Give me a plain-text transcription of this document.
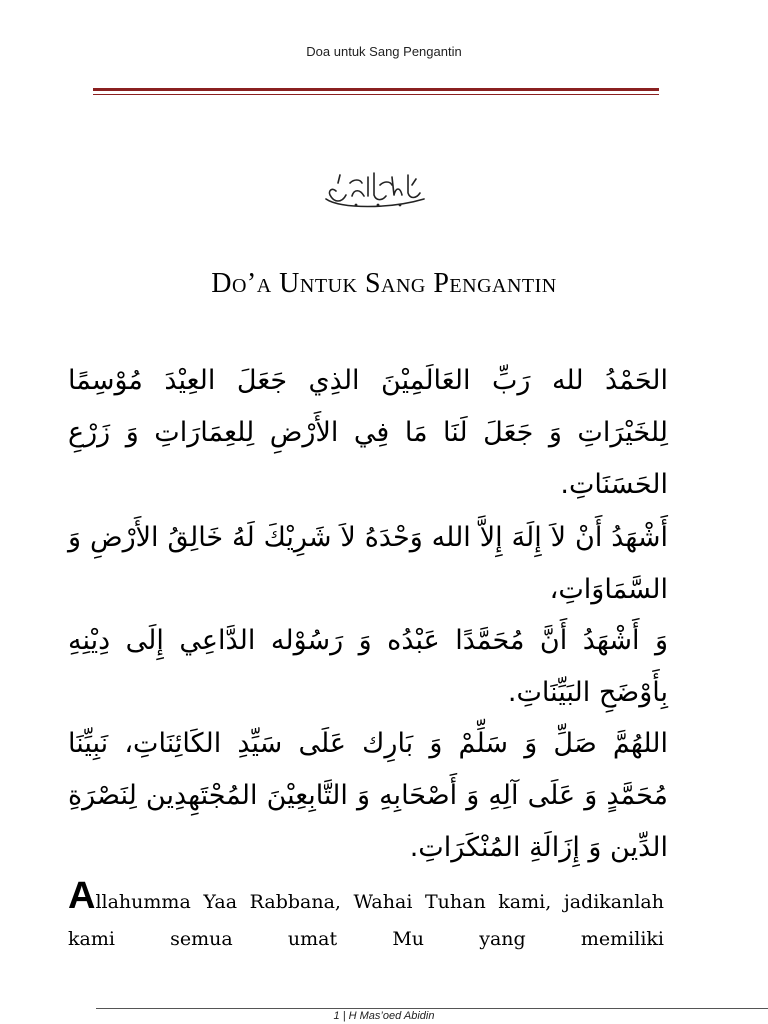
Doa untuk Sang Pengantin
Do’a Untuk Sang Pengantin
الحَمْدُ لله رَبِّ العَالَمِيْنَ الذِي جَعَلَ العِيْدَ مُوْسِمًا لِلخَيْرَاتِ وَ جَعَلَ لَنَا مَا فِي الأَرْضِ لِلعِمَارَاتِ وَ زَرْعِ الحَسَنَاتِ.
أَشْهَدُ أَنْ لاَ إِلَهَ إِلاَّ الله وَحْدَهُ لاَ شَرِيْكَ لَهُ خَالِقُ الأَرْضِ وَ السَّمَاوَاتِ،
وَ أَشْهَدُ أَنَّ مُحَمَّدًا عَبْدُه وَ رَسُوْله الدَّاعِي إِلَى دِيْنِهِ بِأَوْضَحِ البَيِّنَاتِ.
اللهُمَّ صَلِّ وَ سَلِّمْ وَ بَارِك عَلَى سَيِّدِ الكَائِنَاتِ، نَبِيِّنَا مُحَمَّدٍ وَ عَلَى آلِهِ وَ أَصْحَابِهِ وَ التَّابِعِيْنَ المُجْتَهِدِين لِنَصْرَةِ الدِّين وَ إِزَالَةِ المُنْكَرَاتِ.
Allahumma Yaa Rabbana, Wahai Tuhan kami, jadikanlah kami semua umat Mu yang memiliki
1 | H Mas’oed Abidin
